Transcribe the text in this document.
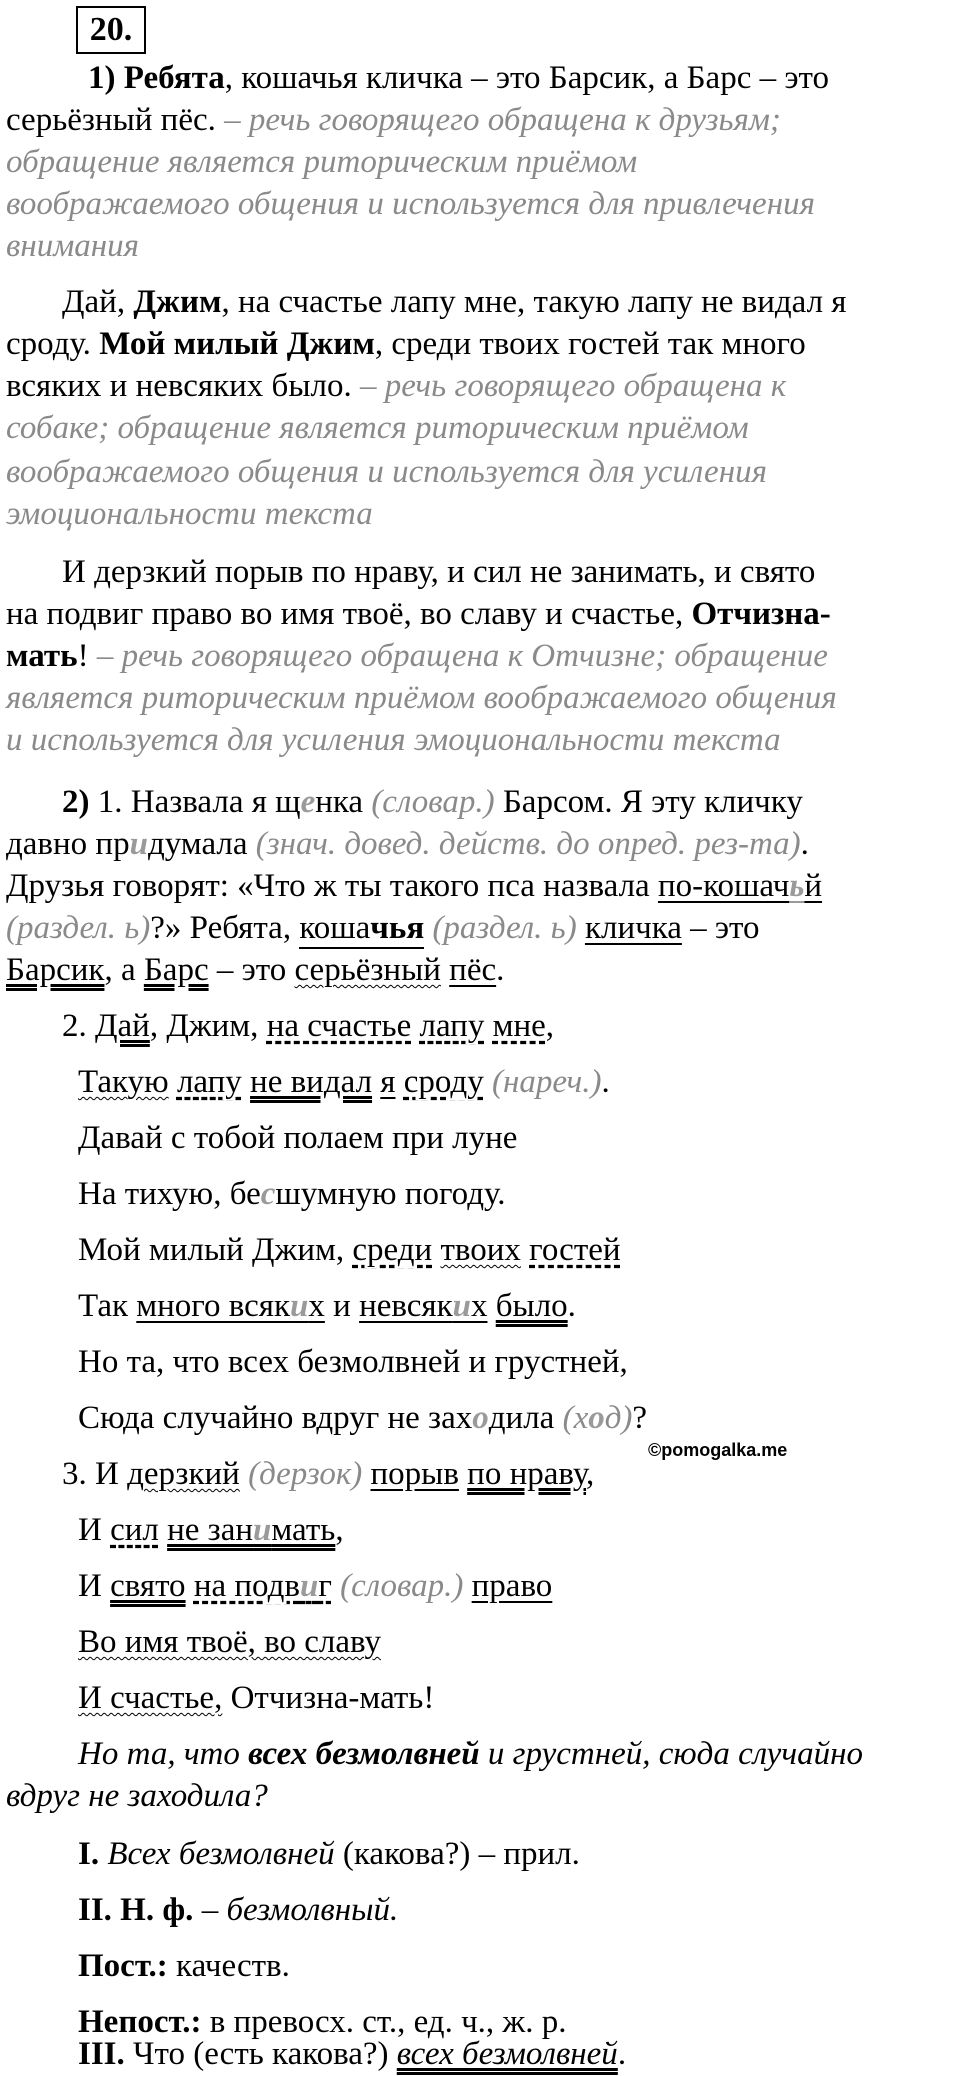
20.
1) Ребята, кошачья кличка – это Барсик, а Барс – это
серьёзный пёс. – речь говорящего обращена к друзьям;
обращение является риторическим приёмом
воображаемого общения и используется для привлечения
внимания
Дай, Джим, на счастье лапу мне, такую лапу не видал я
сроду. Мой милый Джим, среди твоих гостей так много
всяких и невсяких было. – речь говорящего обращена к
собаке; обращение является риторическим приёмом
воображаемого общения и используется для усиления
эмоциональности текста
И дерзкий порыв по нраву, и сил не занимать, и свято
на подвиг право во имя твоё, во славу и счастье, Отчизна-
мать! – речь говорящего обращена к Отчизне; обращение
является риторическим приёмом воображаемого общения
и используется для усиления эмоциональности текста
2) 1. Назвала я щенка (словар.) Барсом. Я эту кличку
давно придумала (знач. довед. действ. до опред. рез-та).
Друзья говорят: «Что ж ты такого пса назвала по-кошачьй
(раздел. ь)?» Ребята, кошачья (раздел. ь) кличка – это
Барсик, а Барс – это серьёзный пёс.
2. Дай, Джим, на счастье лапу мне,
Такую лапу не видал я сроду (нареч.).
Давай с тобой полаем при луне
На тихую, бесшумную погоду.
Мой милый Джим, среди твоих гостей
Так много всяких и невсяких было.
Но та, что всех безмолвней и грустней,
Сюда случайно вдруг не заходила (ход)?
©pomogalka.me
3. И дерзкий (дерзок) порыв по нраву,
И сил не занимать,
И свято на подвиг (словар.) право
Во имя твоё, во славу
И счастье, Отчизна-мать!
Но та, что всех безмолвней и грустней, сюда случайно
вдруг не заходила?
I. Всех безмолвней (какова?) – прил.
II. Н. ф. – безмолвный.
Пост.: качеств.
Непост.: в превосх. ст., ед. ч., ж. р.
III. Что (есть какова?) всех безмолвней.
